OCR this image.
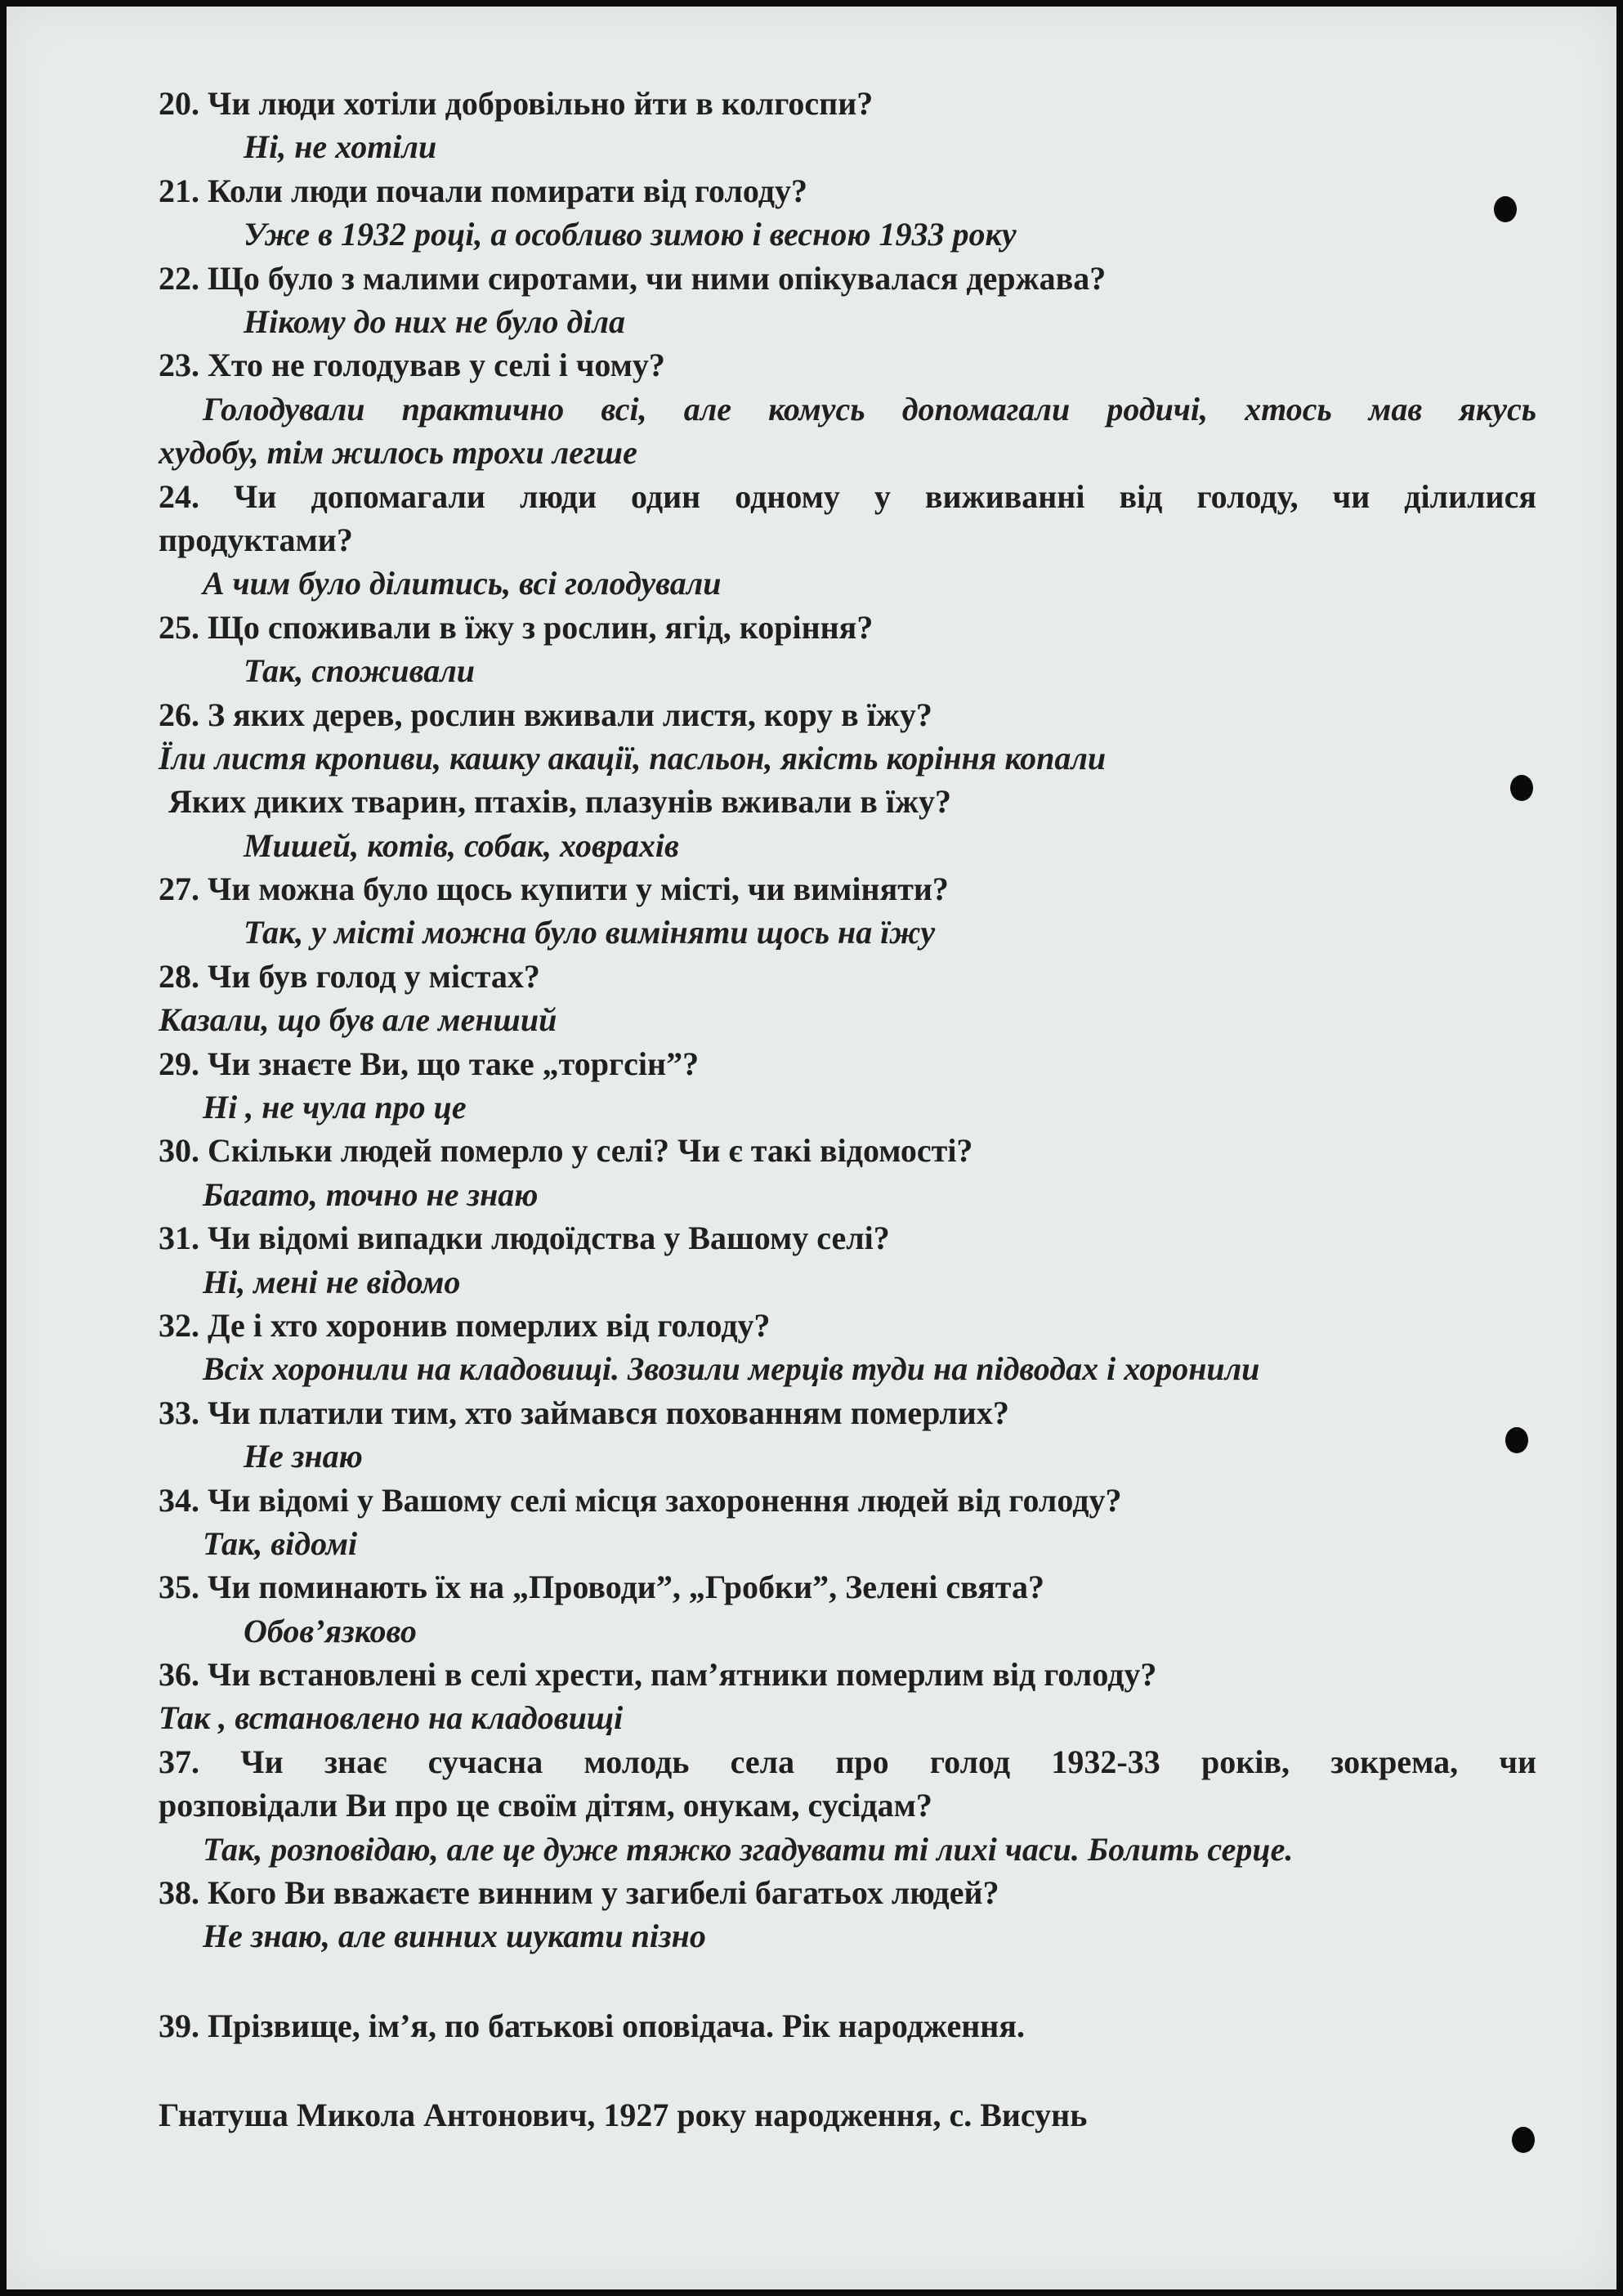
20. Чи люди хотіли добровільно йти в колгоспи?
Ні, не хотіли
21. Коли люди почали помирати від голоду?
Уже в 1932 році, а особливо зимою і весною 1933 року
22. Що було з малими сиротами, чи ними опікувалася держава?
Нікому до них не було діла
23. Хто не голодував у селі і чому?
Голодували практично всі, але комусь допомагали родичі, хтось мав якусь
худобу, тім жилось трохи легше
24. Чи допомагали люди один одному у виживанні від голоду, чи ділилися
продуктами?
А чим було ділитись, всі голодували
25. Що споживали в їжу з рослин, ягід, коріння?
Так, споживали
26. З яких дерев, рослин вживали листя, кору в їжу?
Їли листя кропиви, кашку акації, пасльон, якість коріння копали
Яких диких тварин, птахів, плазунів вживали в їжу?
Мишей, котів, собак, ховрахів
27. Чи можна було щось купити у місті, чи виміняти?
Так, у місті можна було виміняти щось на їжу
28. Чи був голод у містах?
Казали, що був але менший
29. Чи знаєте Ви, що таке „торгсін”?
Ні , не чула про це
30. Скільки людей померло у селі? Чи є такі відомості?
Багато, точно не знаю
31. Чи відомі випадки людоїдства у Вашому селі?
Ні, мені не відомо
32. Де і хто хоронив померлих від голоду?
Всіх хоронили на кладовищі. Звозили мерців туди на підводах і хоронили
33. Чи платили тим, хто займався похованням померлих?
Не знаю
34. Чи відомі у Вашому селі місця захоронення людей від голоду?
Так, відомі
35. Чи поминають їх на „Проводи”, „Гробки”, Зелені свята?
Обов’язково
36. Чи встановлені в селі хрести, пам’ятники померлим від голоду?
Так , встановлено на кладовищі
37. Чи знає сучасна молодь села про голод 1932-33 років, зокрема, чи
розповідали Ви про це своїм дітям, онукам, сусідам?
Так, розповідаю, але це дуже тяжко згадувати ті лихі часи. Болить серце.
38. Кого Ви вважаєте винним у загибелі багатьох людей?
Не знаю, але винних шукати пізно
39. Прізвище, ім’я, по батькові оповідача. Рік народження.
Гнатуша Микола Антонович, 1927 року народження, с. Висунь
